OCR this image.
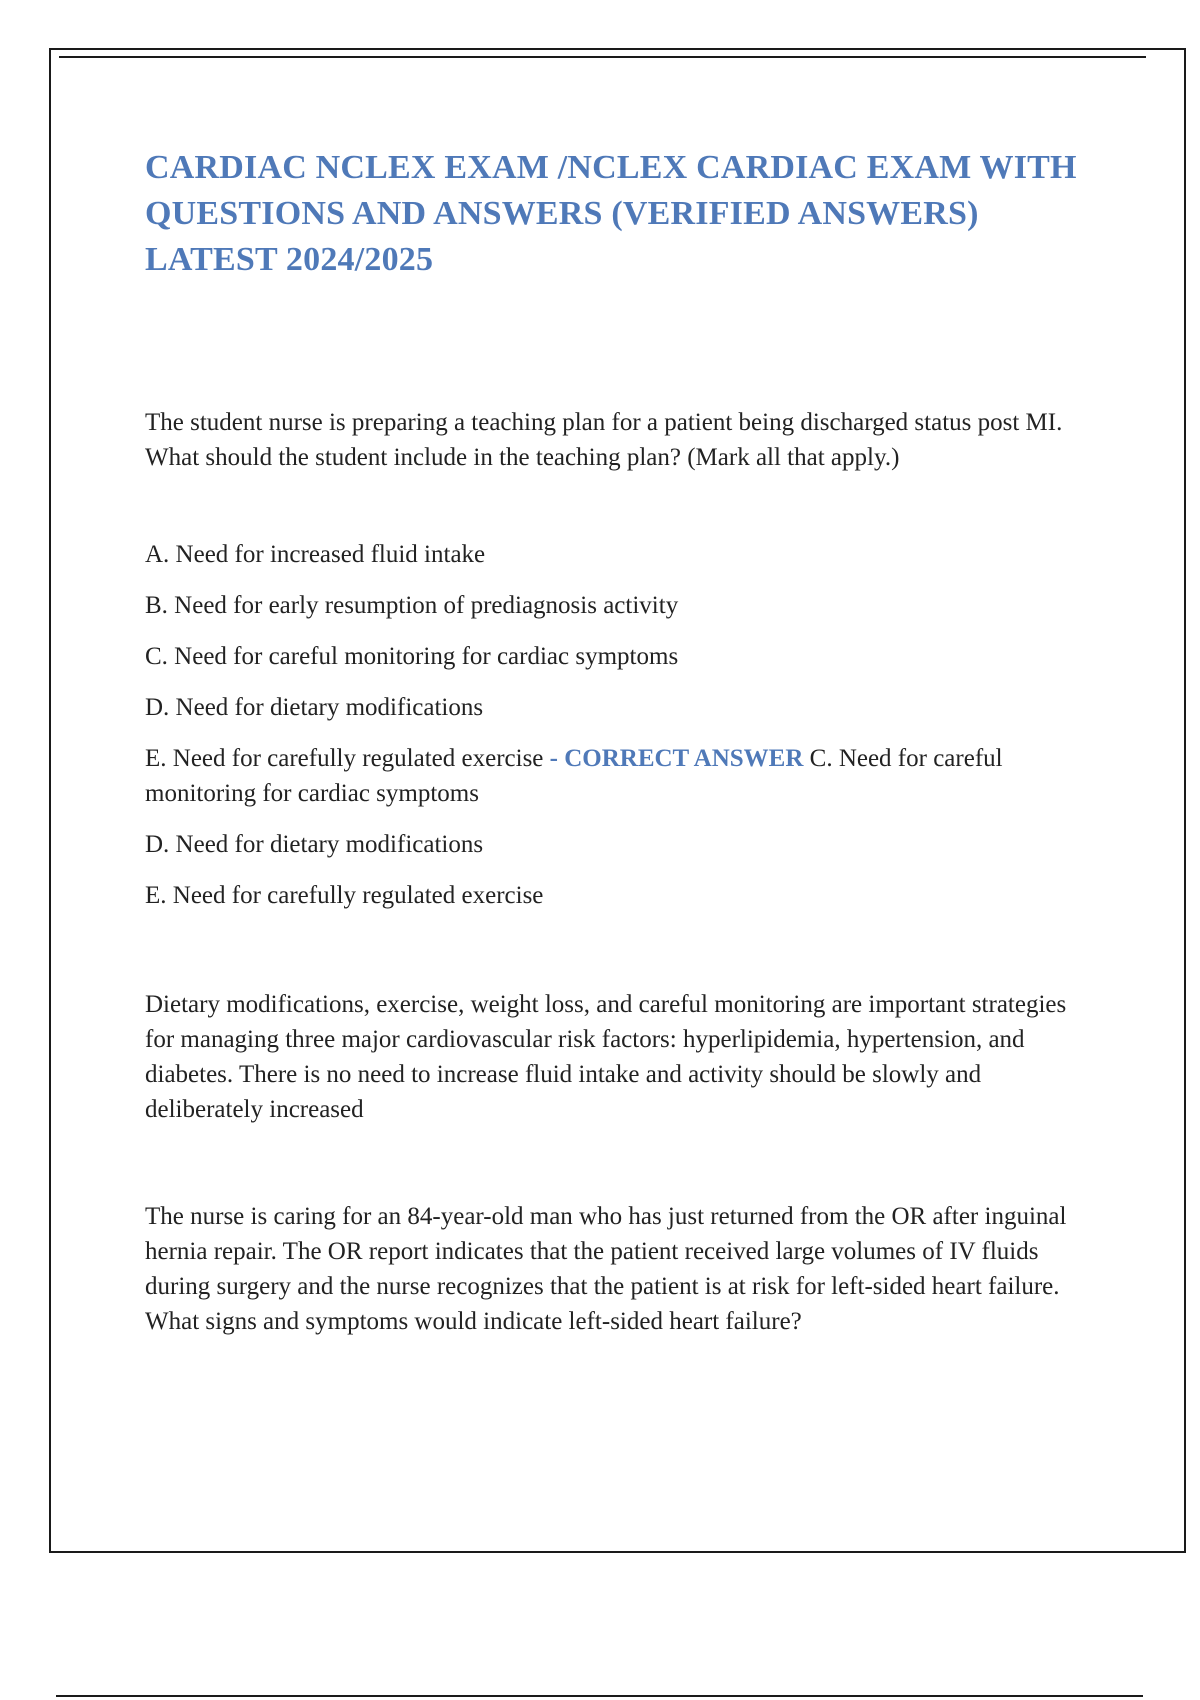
CARDIAC NCLEX EXAM /NCLEX CARDIAC EXAM WITH QUESTIONS AND ANSWERS (VERIFIED ANSWERS) LATEST 2024/2025

The student nurse is preparing a teaching plan for a patient being discharged status post MI. What should the student include in the teaching plan? (Mark all that apply.)

A. Need for increased fluid intake
B. Need for early resumption of prediagnosis activity
C. Need for careful monitoring for cardiac symptoms
D. Need for dietary modifications
E. Need for carefully regulated exercise - CORRECT ANSWER C. Need for careful monitoring for cardiac symptoms
D. Need for dietary modifications
E. Need for carefully regulated exercise

Dietary modifications, exercise, weight loss, and careful monitoring are important strategies for managing three major cardiovascular risk factors: hyperlipidemia, hypertension, and diabetes. There is no need to increase fluid intake and activity should be slowly and deliberately increased

The nurse is caring for an 84-year-old man who has just returned from the OR after inguinal hernia repair. The OR report indicates that the patient received large volumes of IV fluids during surgery and the nurse recognizes that the patient is at risk for left-sided heart failure. What signs and symptoms would indicate left-sided heart failure?
